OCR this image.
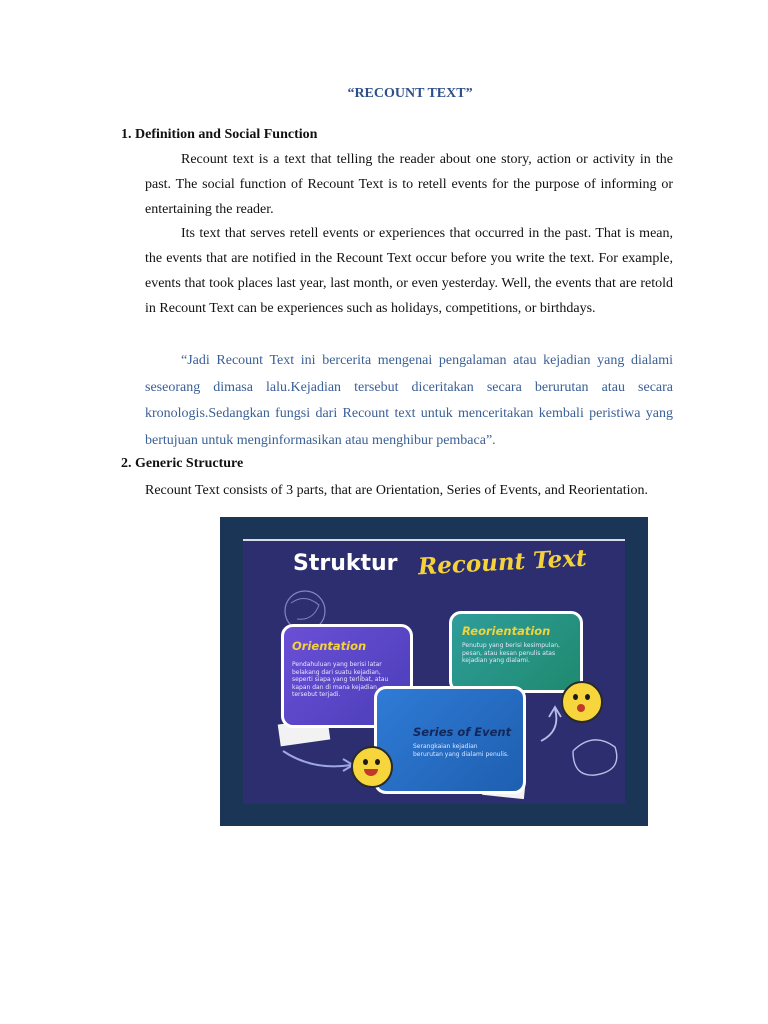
“RECOUNT TEXT”
1. Definition and Social Function
Recount text is a text that telling the reader about one story, action or activity in the past. The social function of Recount Text is to retell events for the purpose of informing or entertaining the reader.
Its text that serves retell events or experiences that occurred in the past. That is mean, the events that are notified in the Recount Text occur before you write the text. For example, events that took places last year, last month, or even yesterday. Well, the events that are retold in Recount Text can be experiences such as holidays, competitions, or birthdays.
“Jadi Recount Text ini bercerita mengenai pengalaman atau kejadian yang dialami seseorang dimasa lalu.Kejadian tersebut diceritakan secara berurutan atau secara kronologis.Sedangkan fungsi dari Recount text untuk menceritakan kembali peristiwa yang bertujuan untuk menginformasikan atau menghibur pembaca”.
2. Generic Structure
Recount Text consists of 3 parts, that are Orientation, Series of Events, and Reorientation.
Struktur Recount Text
Orientation
Pendahuluan yang berisi latar belakang dari suatu kejadian, seperti siapa yang terlibat, atau kapan dan di mana kejadian tersebut terjadi.
Reorientation
Penutup yang berisi kesimpulan, pesan, atau kesan penulis atas kejadian yang dialami.
Series of Event
Serangkaian kejadian berurutan yang dialami penulis.
